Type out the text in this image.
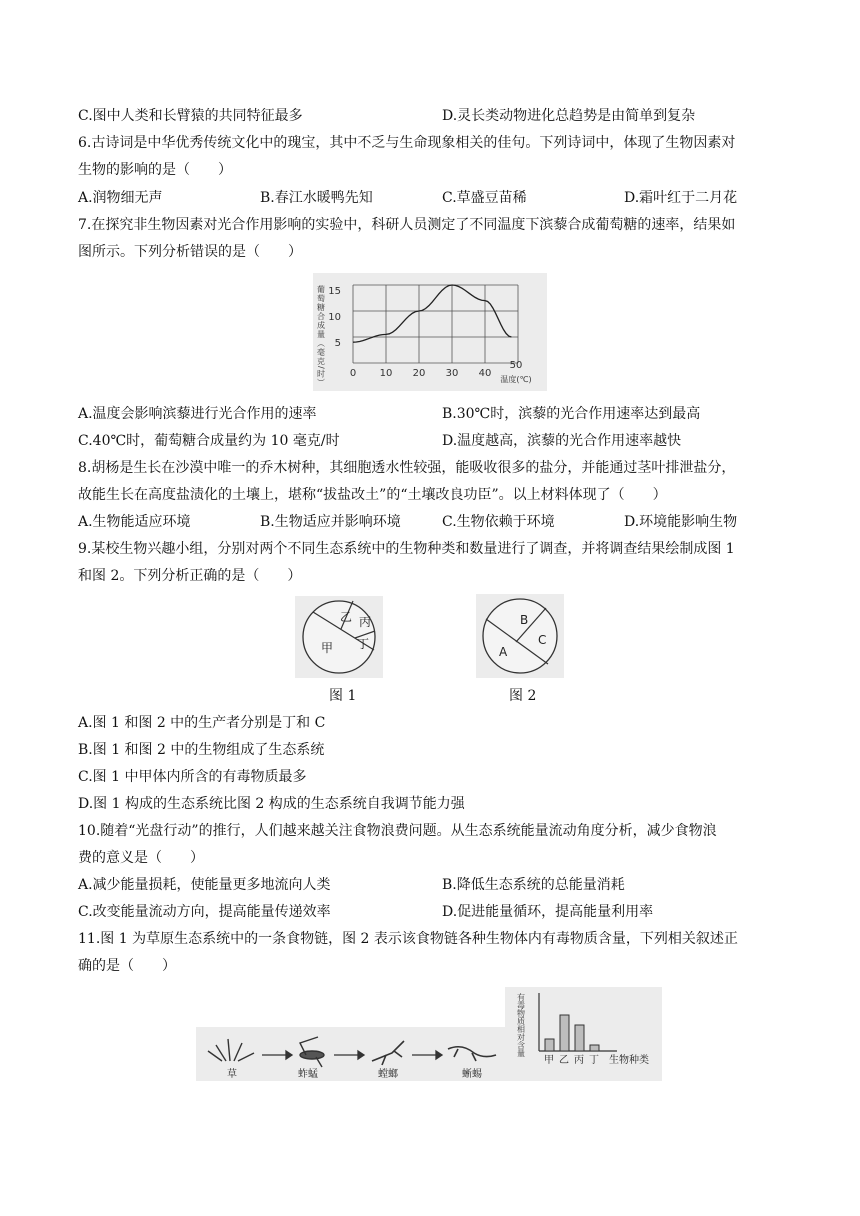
C.图中人类和长臂猿的共同特征最多	D.灵长类动物进化总趋势是由简单到复杂
6.古诗词是中华优秀传统文化中的瑰宝，其中不乏与生命现象相关的佳句。下列诗词中，体现了生物因素对
生物的影响的是（　　）
A.润物细无声	B.春江水暖鸭先知	C.草盛豆苗稀	D.霜叶红于二月花
7.在探究非生物因素对光合作用影响的实验中，科研人员测定了不同温度下滨藜合成葡萄糖的速率，结果如
图所示。下列分析错误的是（　　）
葡萄糖合成量（毫克/时） 5
10
15
0 10 20 30 40
50
温度(℃)
A.温度会影响滨藜进行光合作用的速率	B.30℃时，滨藜的光合作用速率达到最高
C.40℃时，葡萄糖合成量约为 10 毫克/时	D.温度越高，滨藜的光合作用速率越快
8.胡杨是生长在沙漠中唯一的乔木树种，其细胞透水性较强，能吸收很多的盐分，并能通过茎叶排泄盐分，
故能生长在高度盐渍化的土壤上，堪称“拔盐改土”的“土壤改良功臣”。以上材料体现了（　　）
A.生物能适应环境	B.生物适应并影响环境	C.生物依赖于环境	D.环境能影响生物
9.某校生物兴趣小组，分别对两个不同生态系统中的生物种类和数量进行了调查，并将调查结果绘制成图 1
和图 2。下列分析正确的是（　　）
乙 丙
甲 丁
B
C
A
图 1	图 2
A.图 1 和图 2 中的生产者分别是丁和 C
B.图 1 和图 2 中的生物组成了生态系统
C.图 1 中甲体内所含的有毒物质最多
D.图 1 构成的生态系统比图 2 构成的生态系统自我调节能力强
10.随着“光盘行动”的推行，人们越来越关注食物浪费问题。从生态系统能量流动角度分析，减少食物浪
费的意义是（　　）
A.减少能量损耗，使能量更多地流向人类	B.降低生态系统的总能量消耗
C.改变能量流动方向，提高能量传递效率	D.促进能量循环，提高能量利用率
11.图 1 为草原生态系统中的一条食物链，图 2 表示该食物链各种生物体内有毒物质含量，下列相关叙述正
确的是（　　）
草	蚱蜢	螳螂	蜥蜴
有毒物质相对含量
甲 乙 丙 丁 生物种类
